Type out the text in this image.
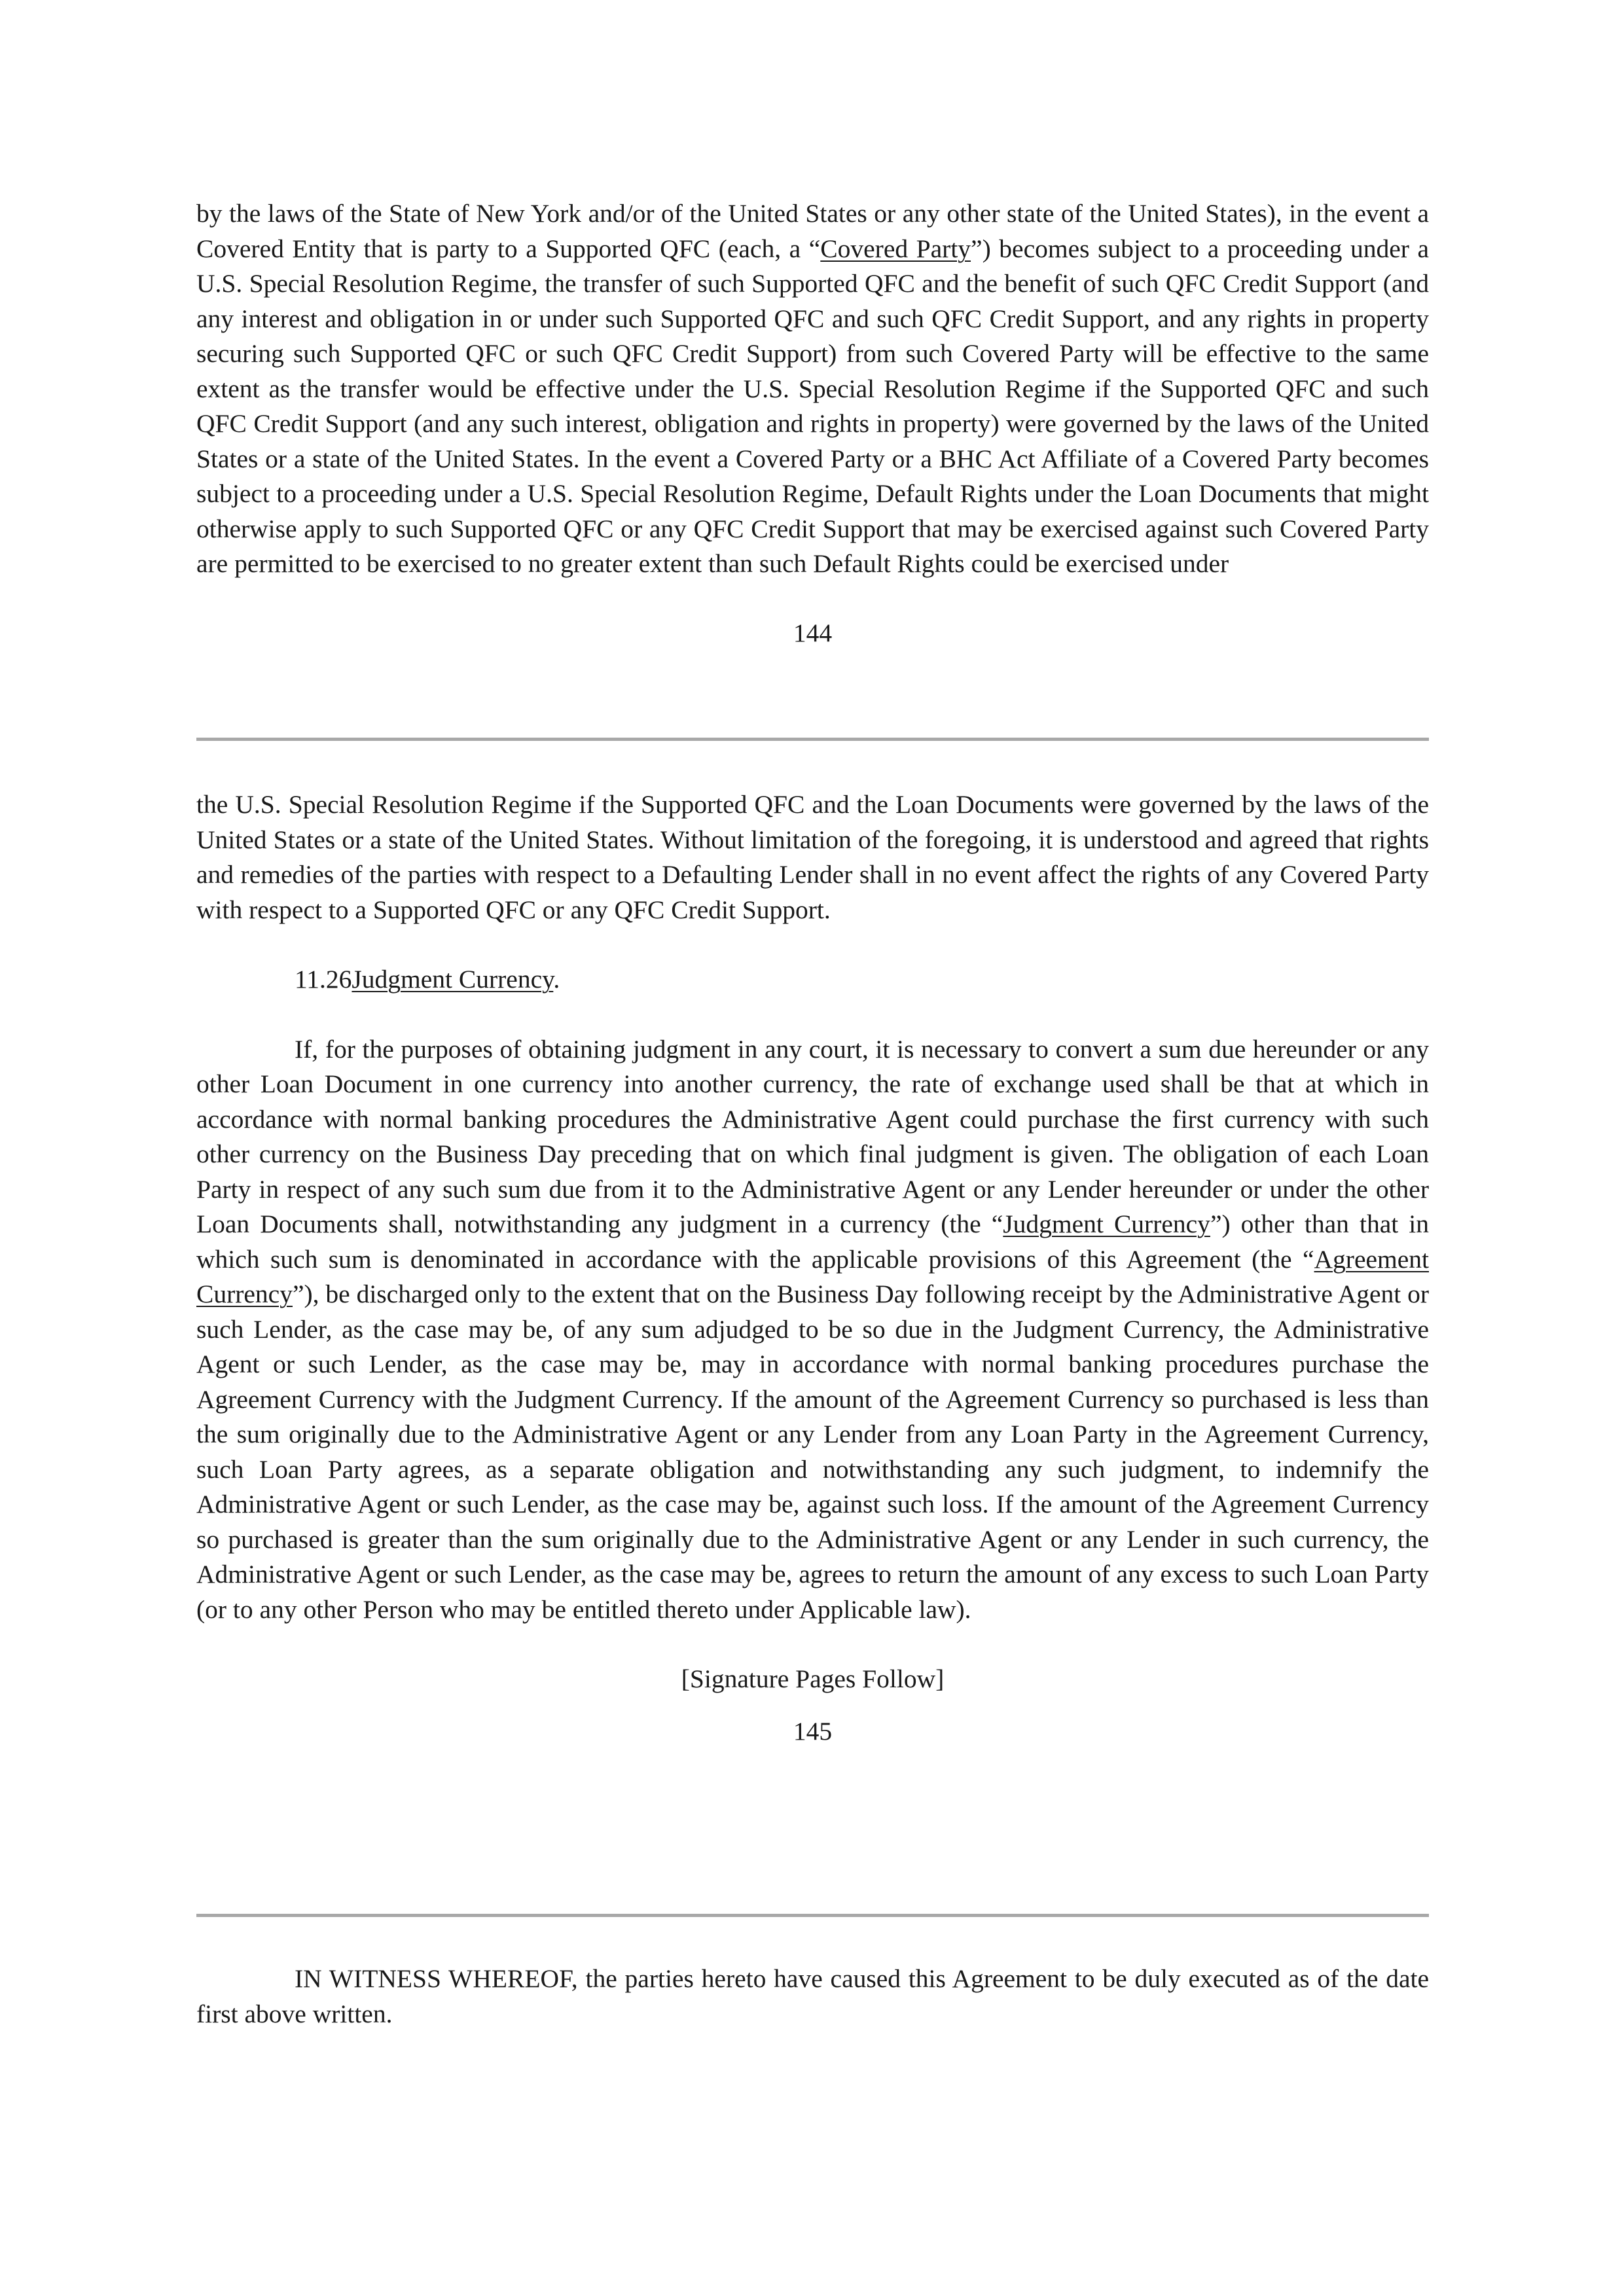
by the laws of the State of New York and/or of the United States or any other state of the United States), in the event a Covered Entity that is party to a Supported QFC (each, a “Covered Party”) becomes subject to a proceeding under a U.S. Special Resolution Regime, the transfer of such Supported QFC and the benefit of such QFC Credit Support (and any interest and obligation in or under such Supported QFC and such QFC Credit Support, and any rights in property securing such Supported QFC or such QFC Credit Support) from such Covered Party will be effective to the same extent as the transfer would be effective under the U.S. Special Resolution Regime if the Supported QFC and such QFC Credit Support (and any such interest, obligation and rights in property) were governed by the laws of the United States or a state of the United States. In the event a Covered Party or a BHC Act Affiliate of a Covered Party becomes subject to a proceeding under a U.S. Special Resolution Regime, Default Rights under the Loan Documents that might otherwise apply to such Supported QFC or any QFC Credit Support that may be exercised against such Covered Party are permitted to be exercised to no greater extent than such Default Rights could be exercised under

144

the U.S. Special Resolution Regime if the Supported QFC and the Loan Documents were governed by the laws of the United States or a state of the United States. Without limitation of the foregoing, it is understood and agreed that rights and remedies of the parties with respect to a Defaulting Lender shall in no event affect the rights of any Covered Party with respect to a Supported QFC or any QFC Credit Support.

11.26Judgment Currency.

If, for the purposes of obtaining judgment in any court, it is necessary to convert a sum due hereunder or any other Loan Document in one currency into another currency, the rate of exchange used shall be that at which in accordance with normal banking procedures the Administrative Agent could purchase the first currency with such other currency on the Business Day preceding that on which final judgment is given. The obligation of each Loan Party in respect of any such sum due from it to the Administrative Agent or any Lender hereunder or under the other Loan Documents shall, notwithstanding any judgment in a currency (the “Judgment Currency”) other than that in which such sum is denominated in accordance with the applicable provisions of this Agreement (the “Agreement Currency”), be discharged only to the extent that on the Business Day following receipt by the Administrative Agent or such Lender, as the case may be, of any sum adjudged to be so due in the Judgment Currency, the Administrative Agent or such Lender, as the case may be, may in accordance with normal banking procedures purchase the Agreement Currency with the Judgment Currency. If the amount of the Agreement Currency so purchased is less than the sum originally due to the Administrative Agent or any Lender from any Loan Party in the Agreement Currency, such Loan Party agrees, as a separate obligation and notwithstanding any such judgment, to indemnify the Administrative Agent or such Lender, as the case may be, against such loss. If the amount of the Agreement Currency so purchased is greater than the sum originally due to the Administrative Agent or any Lender in such currency, the Administrative Agent or such Lender, as the case may be, agrees to return the amount of any excess to such Loan Party (or to any other Person who may be entitled thereto under Applicable law).

[Signature Pages Follow]

145

IN WITNESS WHEREOF, the parties hereto have caused this Agreement to be duly executed as of the date first above written.
